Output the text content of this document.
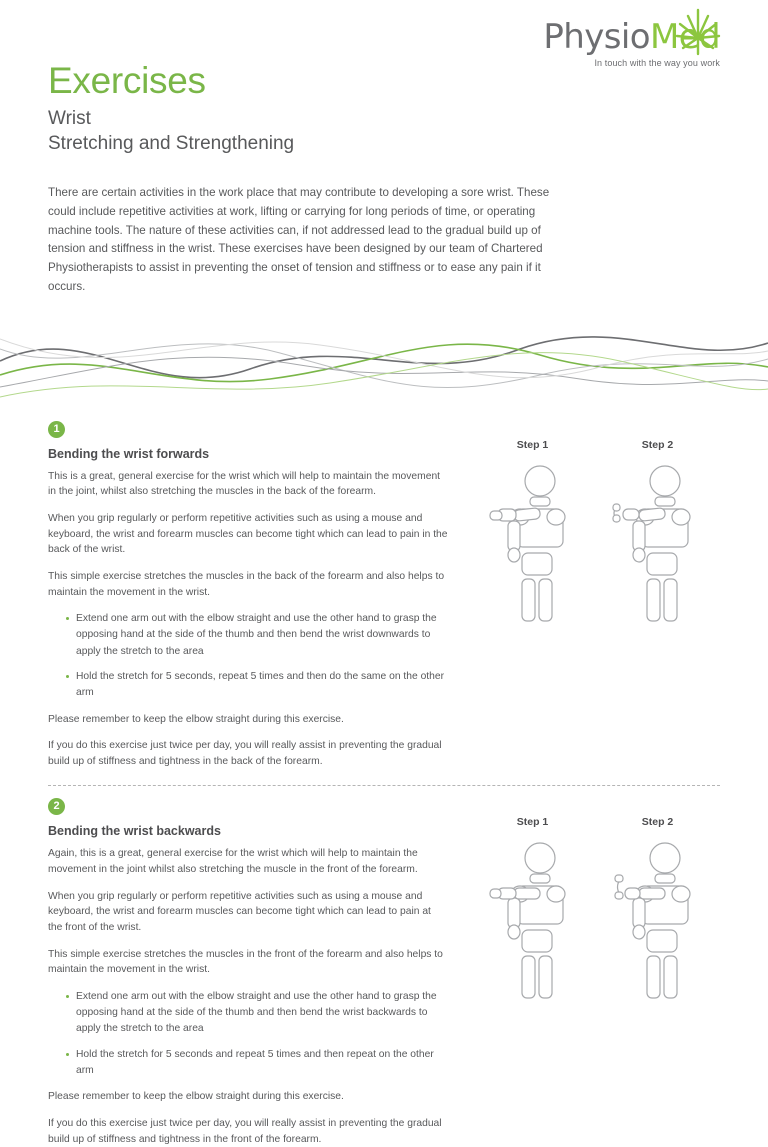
Exercises
Wrist
Stretching and Strengthening
PhysioMed
In touch with the way you work

There are certain activities in the work place that may contribute to developing a sore wrist. These could include repetitive activities at work, lifting or carrying for long periods of time, or operating machine tools. The nature of these activities can, if not addressed lead to the gradual build up of tension and stiffness in the wrist. These exercises have been designed by our team of Chartered Physiotherapists to assist in preventing the onset of tension and stiffness or to ease any pain if it occurs.

1
Bending the wrist forwards

This is a great, general exercise for the wrist which will help to maintain the movement in the joint, whilst also stretching the muscles in the back of the forearm.

When you grip regularly or perform repetitive activities such as using a mouse and keyboard, the wrist and forearm muscles can become tight which can lead to pain in the back of the wrist.

This simple exercise stretches the muscles in the back of the forearm and also helps to maintain the movement in the wrist.

Extend one arm out with the elbow straight and use the other hand to grasp the opposing hand at the side of the thumb and then bend the wrist downwards to apply the stretch to the area
Hold the stretch for 5 seconds, repeat 5 times and then do the same on the other arm

Please remember to keep the elbow straight during this exercise.

If you do this exercise just twice per day, you will really assist in preventing the gradual build up of stiffness and tightness in the back of the forearm.

Step 1	Step 2
2
Bending the wrist backwards

Again, this is a great, general exercise for the wrist which will help to maintain the movement in the joint whilst also stretching the muscle in the front of the forearm.

When you grip regularly or perform repetitive activities such as using a mouse and keyboard, the wrist and forearm muscles can become tight which can lead to pain at the front of the wrist.

This simple exercise stretches the muscles in the front of the forearm and also helps to maintain the movement in the wrist.

Extend one arm out with the elbow straight and use the other hand to grasp the opposing hand at the side of the thumb and then bend the wrist backwards to apply the stretch to the area
Hold the stretch for 5 seconds and repeat 5 times and then repeat on the other arm

Please remember to keep the elbow straight during this exercise.

If you do this exercise just twice per day, you will really assist in preventing the gradual build up of stiffness and tightness in the front of the forearm.

Step 1	Step 2
